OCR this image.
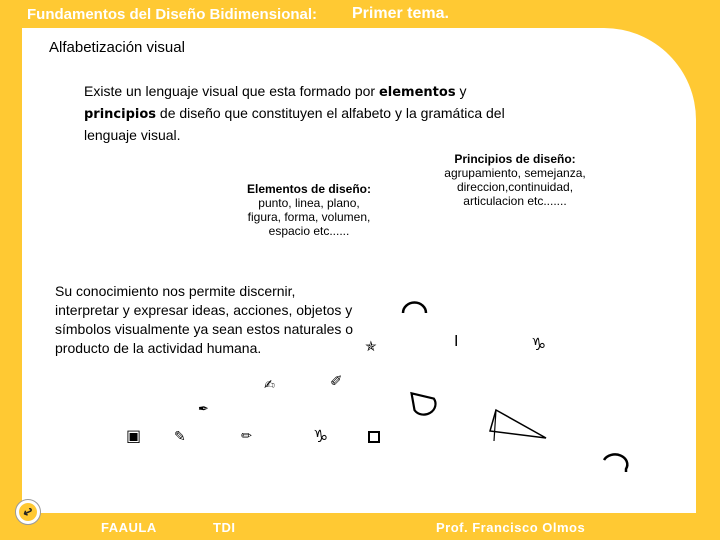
Fundamentos del Diseño Bidimensional: Primer tema.
Alfabetización visual
Existe un lenguaje visual que esta formado por elementos y principios de diseño que constituyen el alfabeto y la gramática del lenguaje visual.
Principios de diseño:
agrupamiento, semejanza,
direccion,continuidad,
articulacion etc.......
Elementos de diseño:
punto, linea, plano,
figura, forma, volumen,
espacio etc......
Su conocimiento nos permite discernir, interpretar y expresar ideas, acciones, objetos y símbolos visualmente ya sean estos naturales o producto de la actividad humana.	I	♑
♑
✯
✐
✍
✒
▣ ✎	✏
↩
FAAULA	TDI	Prof. Francisco Olmos
